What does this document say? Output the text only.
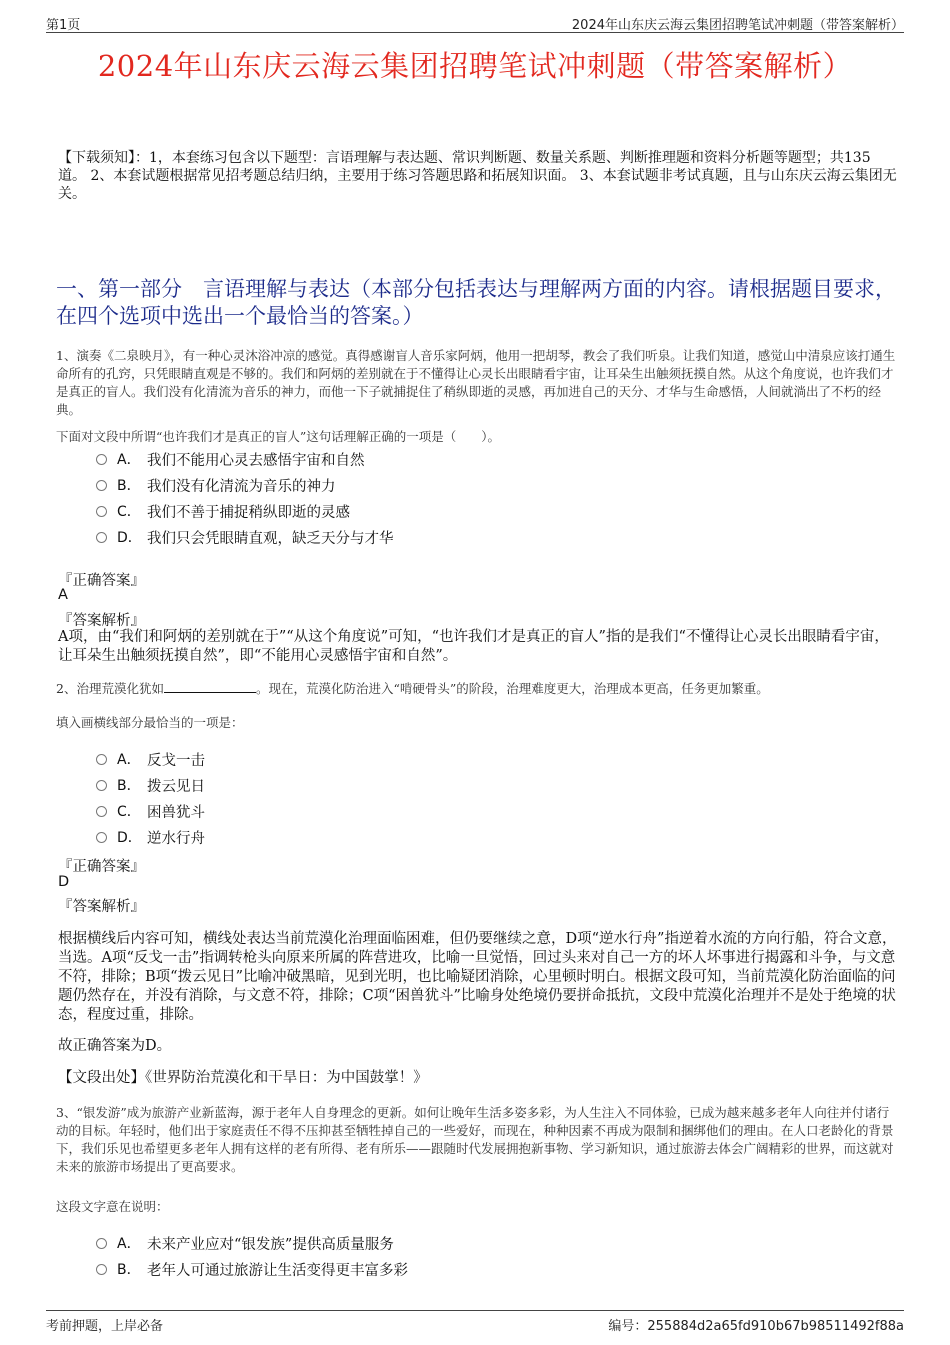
第1页	2024年山东庆云海云集团招聘笔试冲刺题（带答案解析）
2024年山东庆云海云集团招聘笔试冲刺题（带答案解析）
【下载须知】：1，本套练习包含以下题型：言语理解与表达题、常识判断题、数量关系题、判断推理题和资料分析题等题型；共135道。 2、本套试题根据常见招考题总结归纳，主要用于练习答题思路和拓展知识面。 3、本套试题非考试真题，且与山东庆云海云集团无关。
一、第一部分　言语理解与表达（本部分包括表达与理解两方面的内容。请根据题目要求，在四个选项中选出一个最恰当的答案。）
1、演奏《二泉映月》，有一种心灵沐浴冲凉的感觉。真得感谢盲人音乐家阿炳，他用一把胡琴，教会了我们听泉。让我们知道，感觉山中清泉应该打通生命所有的孔窍，只凭眼睛直观是不够的。我们和阿炳的差别就在于不懂得让心灵长出眼睛看宇宙，让耳朵生出触须抚摸自然。从这个角度说，也许我们才是真正的盲人。我们没有化清流为音乐的神力，而他一下子就捕捉住了稍纵即逝的灵感，再加进自己的天分、才华与生命感悟，人间就淌出了不朽的经典。
下面对文段中所谓“也许我们才是真正的盲人”这句话理解正确的一项是（　　）。
A． 我们不能用心灵去感悟宇宙和自然
B． 我们没有化清流为音乐的神力
C． 我们不善于捕捉稍纵即逝的灵感
D． 我们只会凭眼睛直观，缺乏天分与才华
『正确答案』
A
『答案解析』
A项，由“我们和阿炳的差别就在于”“从这个角度说”可知，“也许我们才是真正的盲人”指的是我们“不懂得让心灵长出眼睛看宇宙，让耳朵生出触须抚摸自然”，即“不能用心灵感悟宇宙和自然”。
2、治理荒漠化犹如	。现在，荒漠化防治进入“啃硬骨头”的阶段，治理难度更大，治理成本更高，任务更加繁重。
填入画横线部分最恰当的一项是：
A． 反戈一击
B． 拨云见日
C． 困兽犹斗
D． 逆水行舟
『正确答案』
D
『答案解析』
根据横线后内容可知，横线处表达当前荒漠化治理面临困难，但仍要继续之意，D项“逆水行舟”指逆着水流的方向行船，符合文意，当选。A项“反戈一击”指调转枪头向原来所属的阵营进攻，比喻一旦觉悟，回过头来对自己一方的坏人坏事进行揭露和斗争，与文意不符，排除；B项“拨云见日”比喻冲破黑暗，见到光明，也比喻疑团消除，心里顿时明白。根据文段可知，当前荒漠化防治面临的问题仍然存在，并没有消除，与文意不符，排除；C项“困兽犹斗”比喻身处绝境仍要拼命抵抗，文段中荒漠化治理并不是处于绝境的状态，程度过重，排除。
故正确答案为D。
【文段出处】《世界防治荒漠化和干旱日：为中国鼓掌！》
3、“银发游”成为旅游产业新蓝海，源于老年人自身理念的更新。如何让晚年生活多姿多彩，为人生注入不同体验，已成为越来越多老年人向往并付诸行动的目标。年轻时，他们出于家庭责任不得不压抑甚至牺牲掉自己的一些爱好，而现在，种种因素不再成为限制和捆绑他们的理由。在人口老龄化的背景下，我们乐见也希望更多老年人拥有这样的老有所得、老有所乐——跟随时代发展拥抱新事物、学习新知识，通过旅游去体会广阔精彩的世界，而这就对未来的旅游市场提出了更高要求。
这段文字意在说明：
A． 未来产业应对“银发族”提供高质量服务
B． 老年人可通过旅游让生活变得更丰富多彩
考前押题，上岸必备	编号：255884d2a65fd910b67b98511492f88a
